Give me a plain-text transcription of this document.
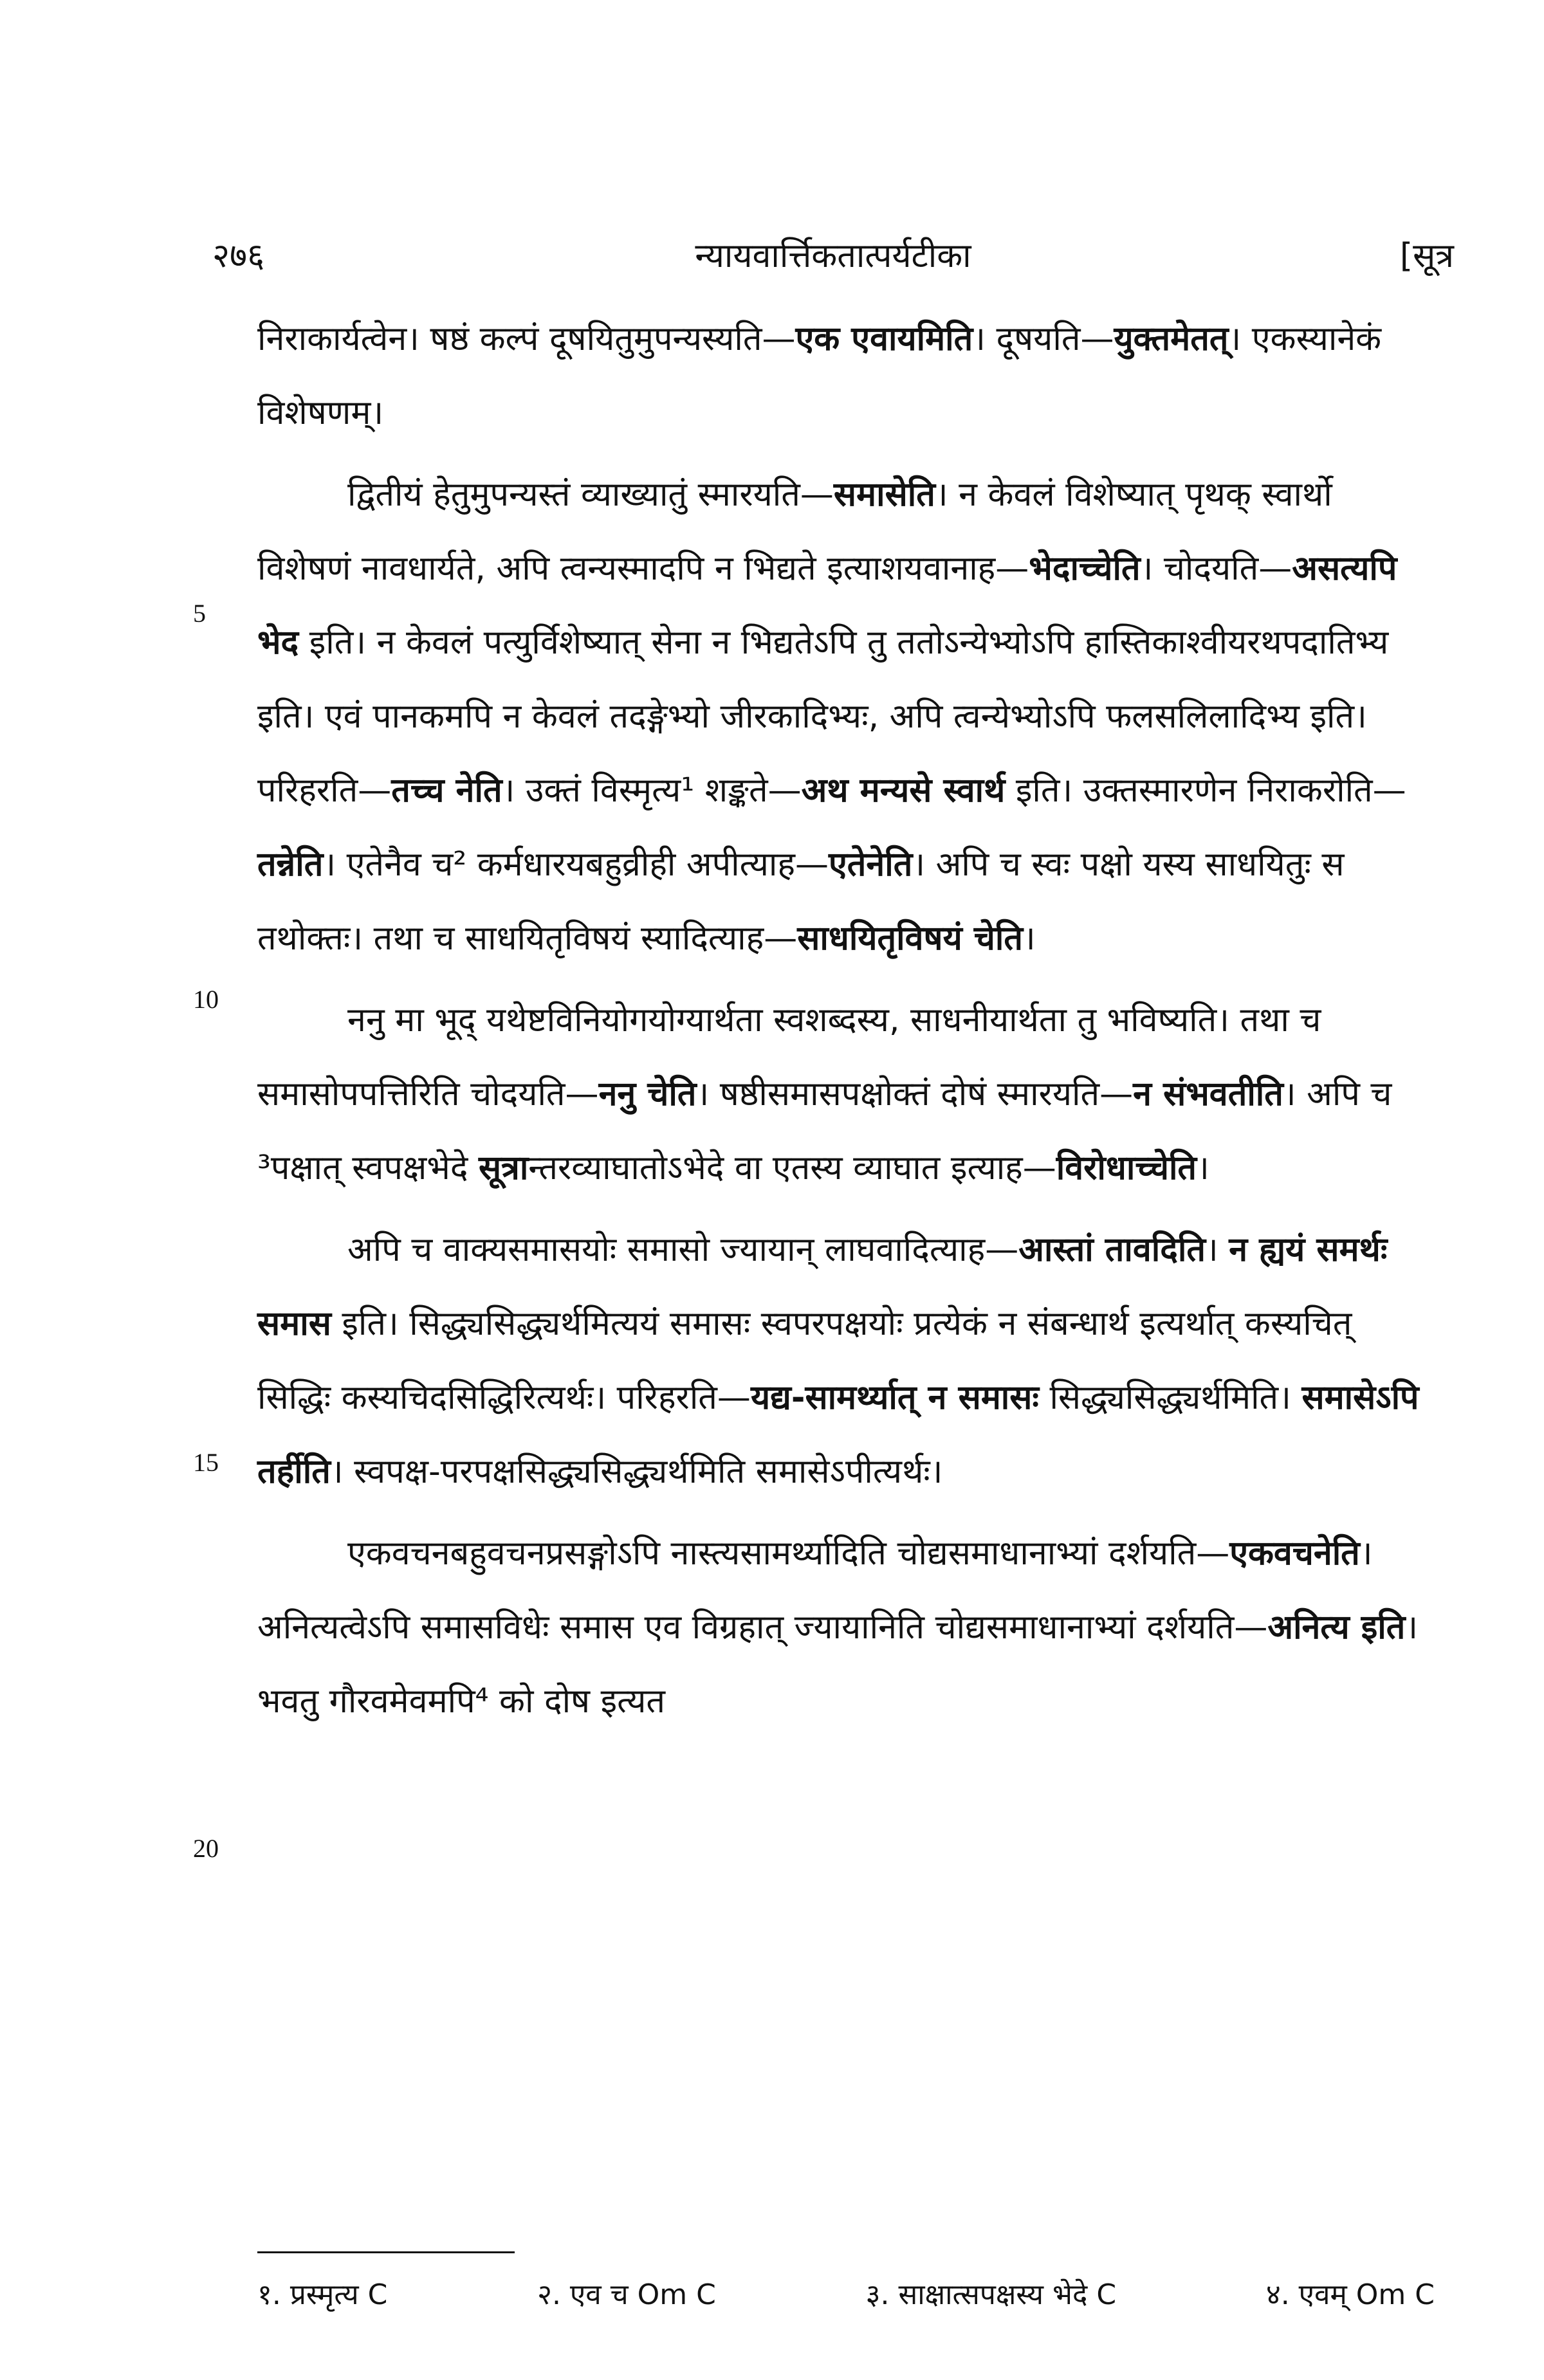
२७६	न्यायवार्त्तिकतात्पर्यटीका	[सूत्र
5
10
15
20

निराकार्यत्वेन। षष्ठं कल्पं दूषयितुमुपन्यस्यति—एक एवायमिति। दूषयति—युक्तमेतत्। एकस्यानेकं विशेषणम्।

द्वितीयं हेतुमुपन्यस्तं व्याख्यातुं स्मारयति—समासेति। न केवलं विशेष्यात् पृथक् स्वार्थो विशेषणं नावधार्यते, अपि त्वन्यस्मादपि न भिद्यते इत्याशयवानाह—भेदाच्चेति। चोदयति—असत्यपि भेद इति। न केवलं पत्युर्विशेष्यात् सेना न भिद्यतेऽपि तु ततोऽन्येभ्योऽपि हास्तिकाश्वीयरथपदातिभ्य इति। एवं पानकमपि न केवलं तदङ्गेभ्यो जीरकादिभ्यः, अपि त्वन्येभ्योऽपि फलसलिलादिभ्य इति। परिहरति—तच्च नेति। उक्तं विस्मृत्य¹ शङ्कते—अथ मन्यसे स्वार्थ इति। उक्तस्मारणेन निराकरोति—तन्नेति। एतेनैव च² कर्मधारयबहुव्रीही अपीत्याह—एतेनेति। अपि च स्वः पक्षो यस्य साधयितुः स तथोक्तः। तथा च साधयितृविषयं स्यादित्याह—साधयितृविषयं चेति।

ननु मा भूद् यथेष्टविनियोगयोग्यार्थता स्वशब्दस्य, साधनीयार्थता तु भविष्यति। तथा च समासोपपत्तिरिति चोदयति—ननु चेति। षष्ठीसमासपक्षोक्तं दोषं स्मारयति—न संभवतीति। अपि च ³पक्षात् स्वपक्षभेदे सूत्रान्तरव्याघातोऽभेदे वा एतस्य व्याघात इत्याह—विरोधाच्चेति।

अपि च वाक्यसमासयोः समासो ज्यायान् लाघवादित्याह—आस्तां तावदिति। न ह्ययं समर्थः समास इति। सिद्ध्यसिद्ध्यर्थमित्ययं समासः स्वपरपक्षयोः प्रत्येकं न संबन्धार्थ इत्यर्थात् कस्यचित् सिद्धिः कस्यचिदसिद्धिरित्यर्थः। परिहरति—यद्य-सामर्थ्यात् न समासः सिद्ध्यसिद्ध्यर्थमिति। समासेऽपि तर्हीति। स्वपक्ष-परपक्षसिद्ध्यसिद्ध्यर्थमिति समासेऽपीत्यर्थः।

एकवचनबहुवचनप्रसङ्गोऽपि नास्त्यसामर्थ्यादिति चोद्यसमाधानाभ्यां दर्शयति—एकवचनेति। अनित्यत्वेऽपि समासविधेः समास एव विग्रहात् ज्यायानिति चोद्यसमाधानाभ्यां दर्शयति—अनित्य इति। भवतु गौरवमेवमपि⁴ को दोष इत्यत

१. प्रस्मृत्य C	२. एव च Om C	३. साक्षात्सपक्षस्य भेदे C	४. एवम् Om C
